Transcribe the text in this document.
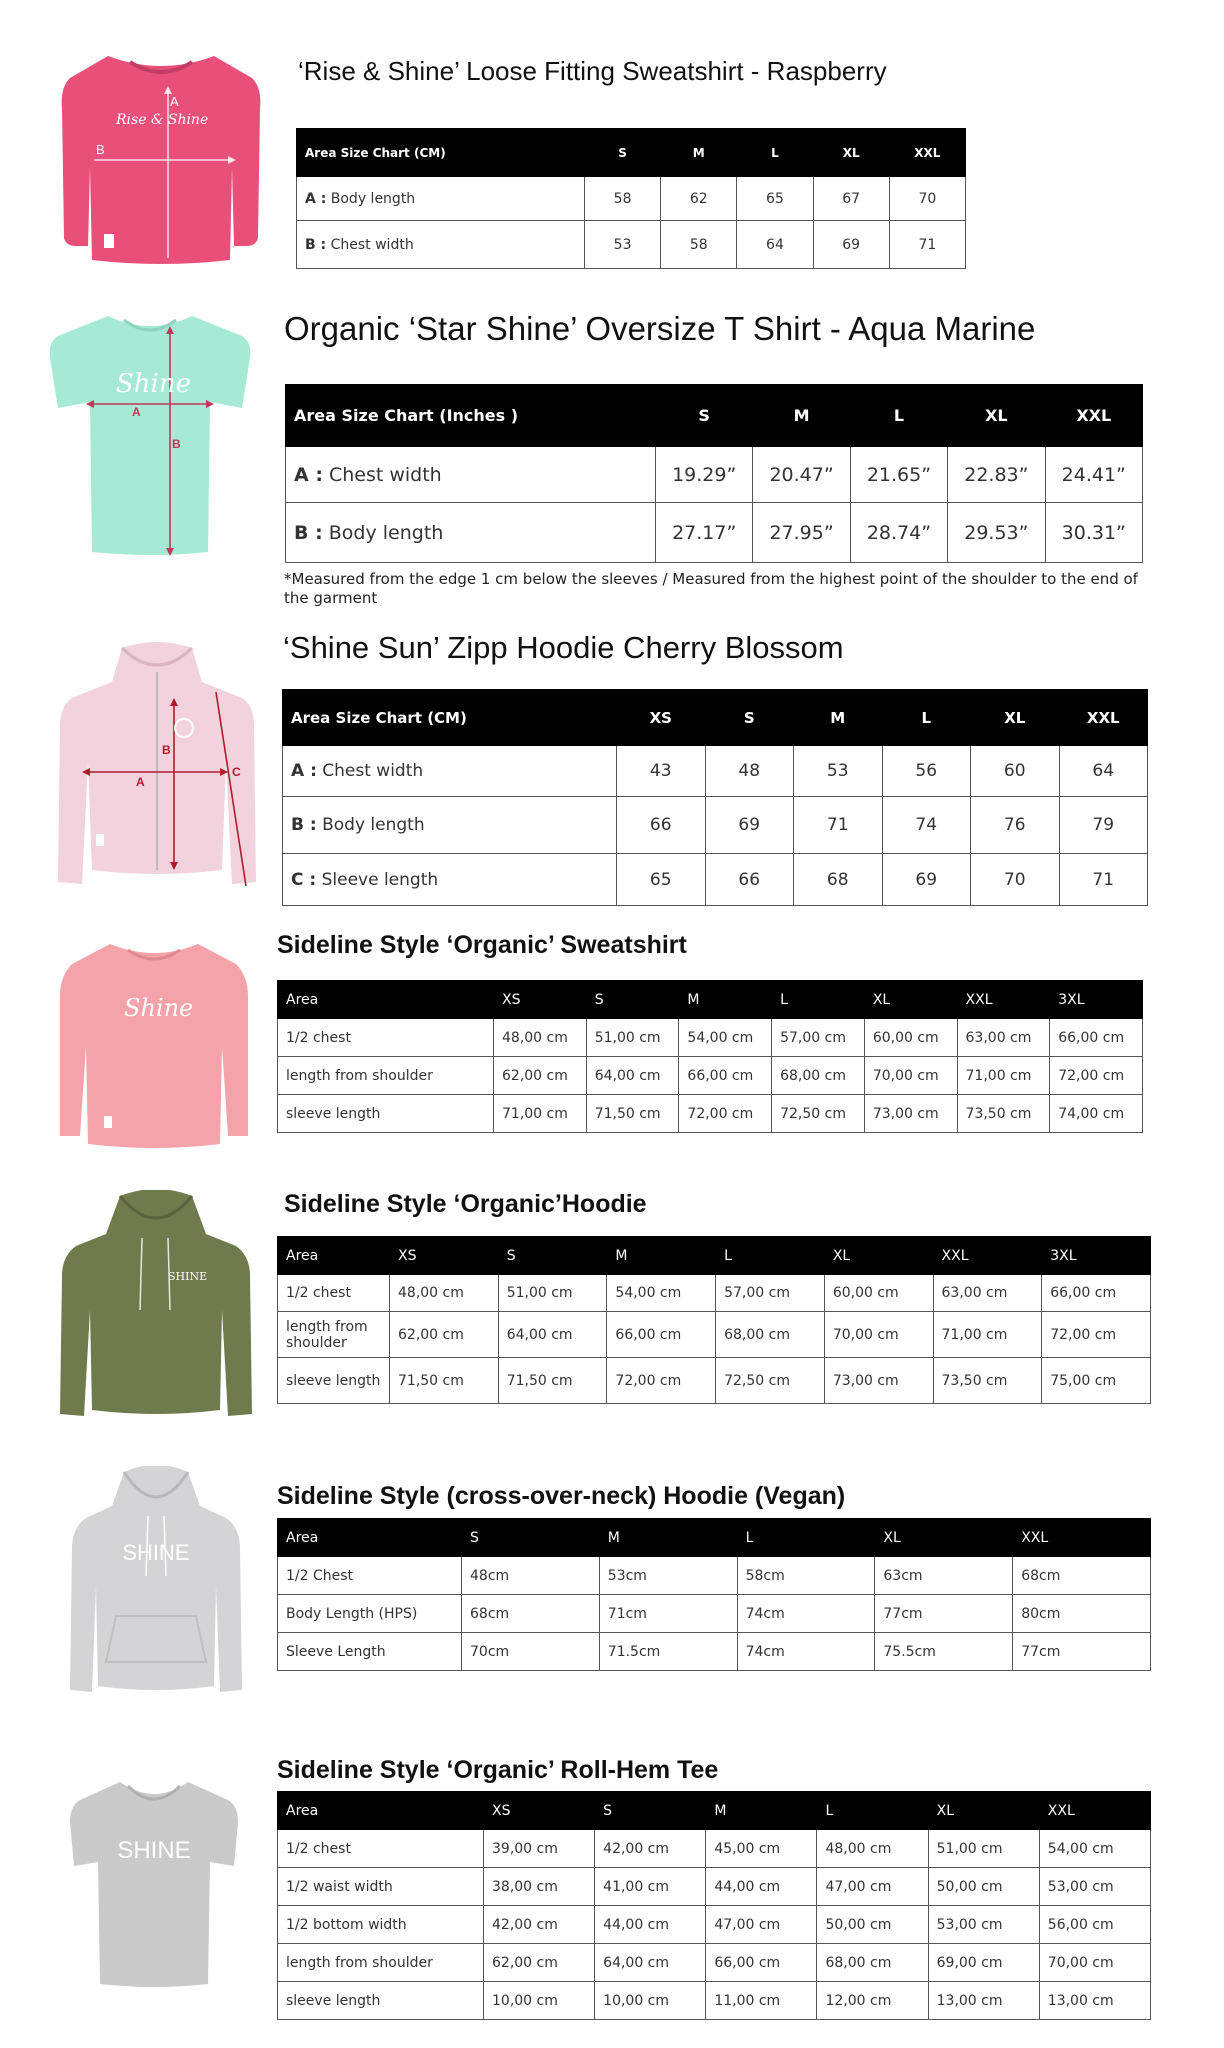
Rise & Shine
A
B
‘Rise & Shine’ Loose Fitting Sweatshirt - Raspberry
Area Size Chart (CM)	S	M	L	XL	XXL
A : Body length	58	62	65	67	70
B : Chest width	53	58	64	69	71
Shine
A
B
Organic ‘Star Shine’ Oversize T Shirt - Aqua Marine
Area Size Chart (Inches )	S	M	L	XL	XXL
A : Chest width	19.29”	20.47”	21.65”	22.83”	24.41”
B : Body length	27.17”	27.95”	28.74”	29.53”	30.31”
*Measured from the edge 1 cm below the sleeves / Measured from the highest point of the shoulder to the end of the garment
A
B
C
‘Shine Sun’ Zipp Hoodie Cherry Blossom
Area Size Chart (CM)	XS	S	M	L	XL	XXL
A : Chest width	43	48	53	56	60	64
B : Body length	66	69	71	74	76	79
C : Sleeve length	65	66	68	69	70	71
Shine
Sideline Style ‘Organic’ Sweatshirt
Area	XS	S	M	L	XL	XXL	3XL
1/2 chest	48,00 cm	51,00 cm	54,00 cm	57,00 cm	60,00 cm	63,00 cm	66,00 cm
length from shoulder	62,00 cm	64,00 cm	66,00 cm	68,00 cm	70,00 cm	71,00 cm	72,00 cm
sleeve length	71,00 cm	71,50 cm	72,00 cm	72,50 cm	73,00 cm	73,50 cm	74,00 cm
SHINE
Sideline Style ‘Organic’Hoodie
Area	XS	S	M	L	XL	XXL	3XL
1/2 chest	48,00 cm	51,00 cm	54,00 cm	57,00 cm	60,00 cm	63,00 cm	66,00 cm
length from shoulder	62,00 cm	64,00 cm	66,00 cm	68,00 cm	70,00 cm	71,00 cm	72,00 cm
sleeve length	71,50 cm	71,50 cm	72,00 cm	72,50 cm	73,00 cm	73,50 cm	75,00 cm
SHINE
Sideline Style (cross-over-neck) Hoodie (Vegan)
Area	S	M	L	XL	XXL
1/2 Chest	48cm	53cm	58cm	63cm	68cm
Body Length (HPS)	68cm	71cm	74cm	77cm	80cm
Sleeve Length	70cm	71.5cm	74cm	75.5cm	77cm
SHINE
Sideline Style ‘Organic’ Roll-Hem Tee
Area	XS	S	M	L	XL	XXL
1/2 chest	39,00 cm	42,00 cm	45,00 cm	48,00 cm	51,00 cm	54,00 cm
1/2 waist width	38,00 cm	41,00 cm	44,00 cm	47,00 cm	50,00 cm	53,00 cm
1/2 bottom width	42,00 cm	44,00 cm	47,00 cm	50,00 cm	53,00 cm	56,00 cm
length from shoulder	62,00 cm	64,00 cm	66,00 cm	68,00 cm	69,00 cm	70,00 cm
sleeve length	10,00 cm	10,00 cm	11,00 cm	12,00 cm	13,00 cm	13,00 cm
